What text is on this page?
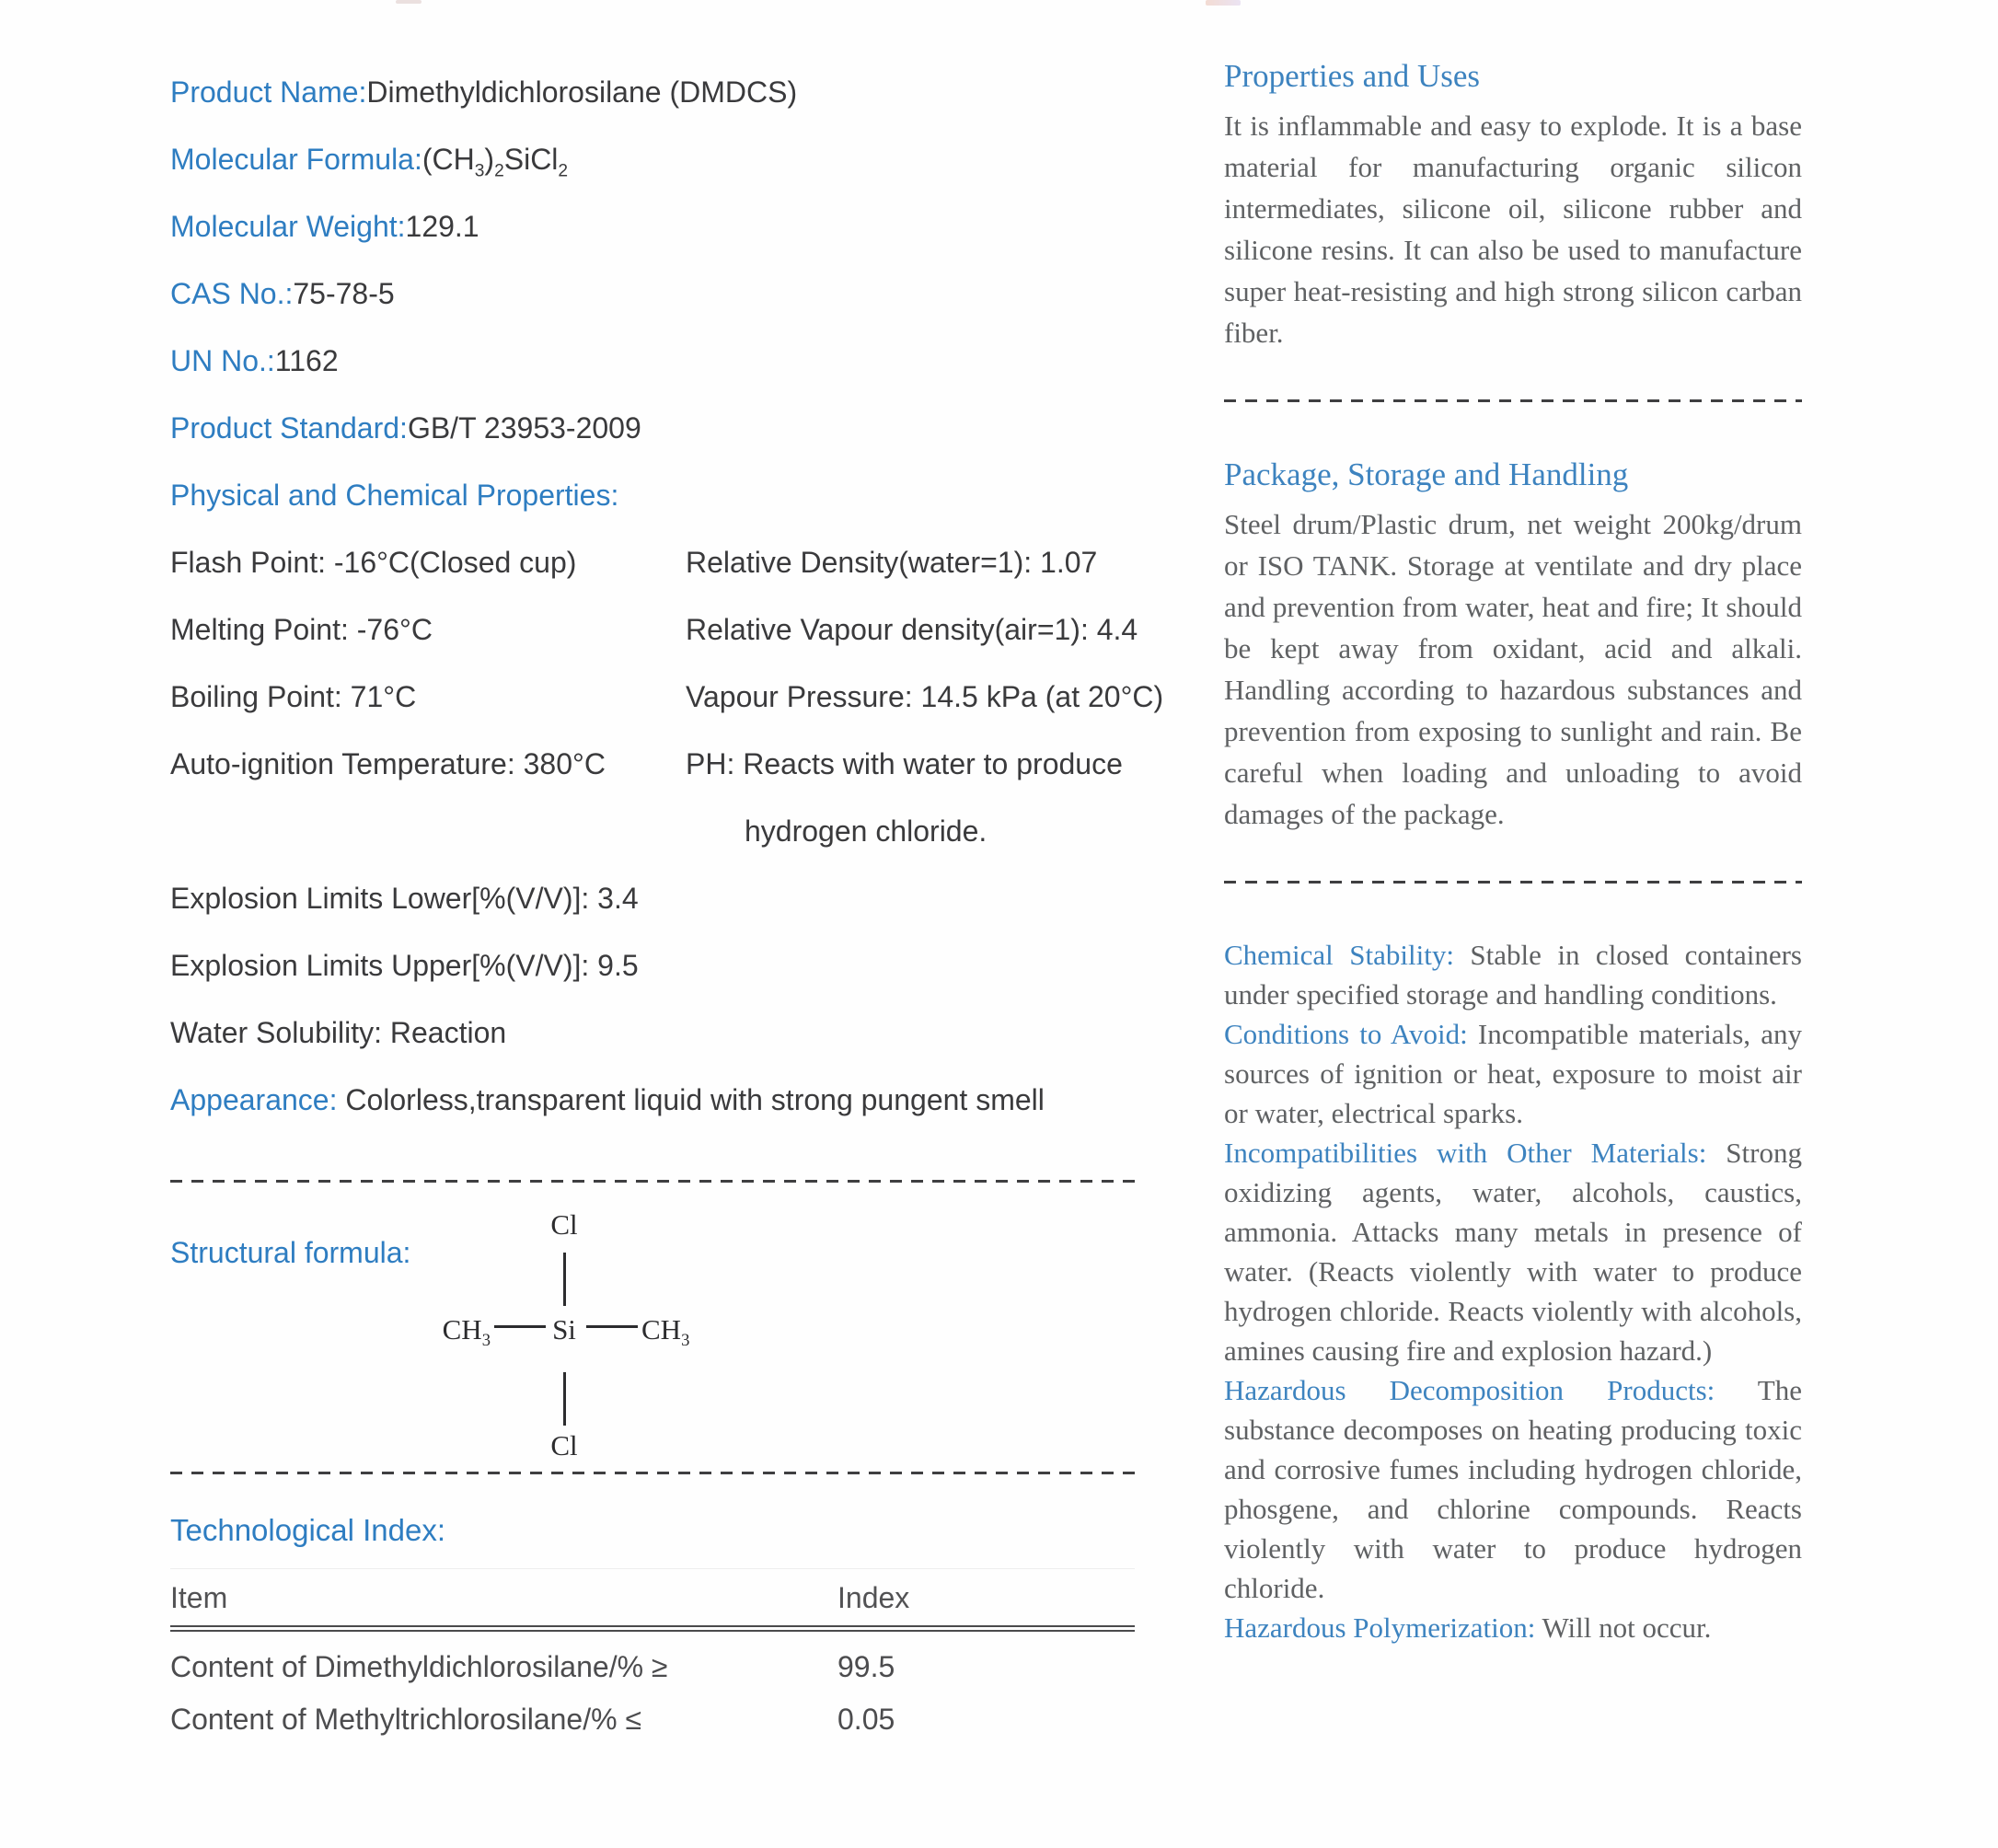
Product Name:Dimethyldichlorosilane (DMDCS)
Molecular $Formula:(CH_3)_2SiCl_2$
Molecular Weight:129.1
CAS No.:75-78-5
UN No.:1162
Product Standard:GB/T 23953-2009
Physical and Chemical Properties:
Flash Point: -16°C(Closed cup)	Relative Density(water=1): 1.07
Melting Point: -76°C	Relative Vapour density(air=1): 4.4
Boiling Point: 71°C	Vapour Pressure: 14.5 kPa (at 20°C)
Auto-ignition Temperature: 380°C	PH: Reacts with water to produce
hydrogen chloride.
Explosion Limits Lower[%(V/V)]: 3.4
Explosion Limits Upper[%(V/V)]: 9.5
Water Solubility: Reaction
Appearance: Colorless,transparent liquid with strong pungent smell
Structural formula:
Cl
$CH_3$	Si	$CH_3$
Cl
Technological Index:
Item	Index
Content of Dimethyldichlorosilane/% ≥	99.5
Content of Methyltrichlorosilane/% ≤	0.05
Properties and Uses

It is inflammable and easy to explode. It is a base material for manufacturing organic silicon intermediates, silicone oil, silicone rubber and silicone resins. It can also be used to manufacture super heat-resisting and high strong silicon carban fiber.

Package, Storage and Handling

Steel drum/Plastic drum, net weight 200kg/drum or ISO TANK. Storage at ventilate and dry place and prevention from water, heat and fire; It should be kept away from oxidant, acid and alkali. Handling according to hazardous substances and prevention from exposing to sunlight and rain. Be careful when loading and unloading to avoid damages of the package.

Chemical Stability: Stable in closed containers under specified storage and handling conditions.

Conditions to Avoid: Incompatible materials, any sources of ignition or heat, exposure to moist air or water, electrical sparks.

Incompatibilities with Other Materials: Strong oxidizing agents, water, alcohols, caustics, ammonia. Attacks many metals in presence of water. (Reacts violently with water to produce hydrogen chloride. Reacts violently with alcohols, amines causing fire and explosion hazard.)

Hazardous Decomposition Products: The substance decomposes on heating producing toxic and corrosive fumes including hydrogen chloride, phosgene, and chlorine compounds. Reacts violently with water to produce hydrogen chloride.

Hazardous Polymerization: Will not occur.
